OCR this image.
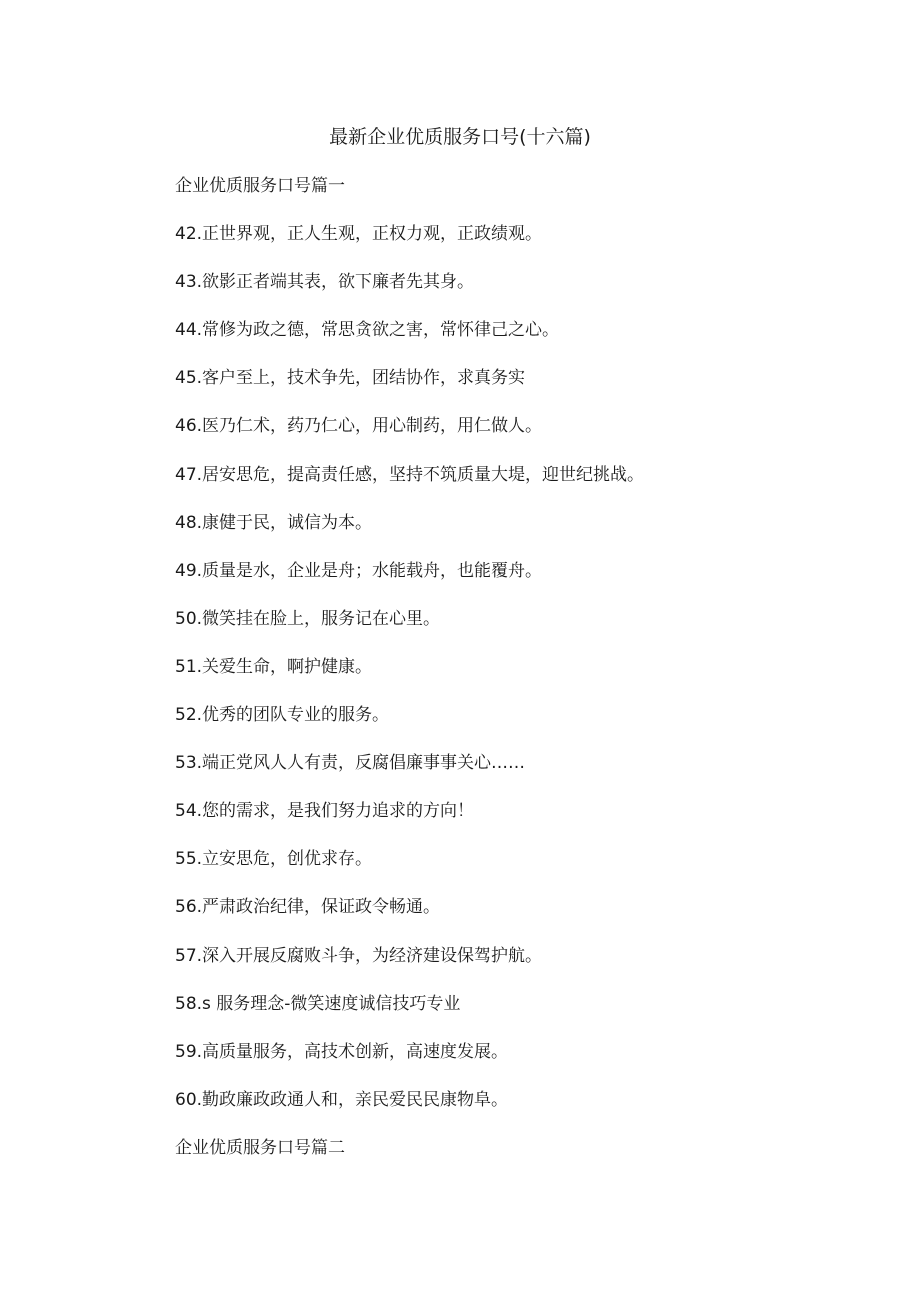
最新企业优质服务口号(十六篇)
企业优质服务口号篇一
42.正世界观，正人生观，正权力观，正政绩观。
43.欲影正者端其表，欲下廉者先其身。
44.常修为政之德，常思贪欲之害，常怀律己之心。
45.客户至上，技术争先，团结协作，求真务实
46.医乃仁术，药乃仁心，用心制药，用仁做人。
47.居安思危，提高责任感，坚持不筑质量大堤，迎世纪挑战。
48.康健于民，诚信为本。
49.质量是水，企业是舟；水能载舟，也能覆舟。
50.微笑挂在脸上，服务记在心里。
51.关爱生命，啊护健康。
52.优秀的团队专业的服务。
53.端正党风人人有责，反腐倡廉事事关心……
54.您的需求，是我们努力追求的方向！
55.立安思危，创优求存。
56.严肃政治纪律，保证政令畅通。
57.深入开展反腐败斗争，为经济建设保驾护航。
58.s 服务理念-微笑速度诚信技巧专业
59.高质量服务，高技术创新，高速度发展。
60.勤政廉政政通人和，亲民爱民民康物阜。
企业优质服务口号篇二
